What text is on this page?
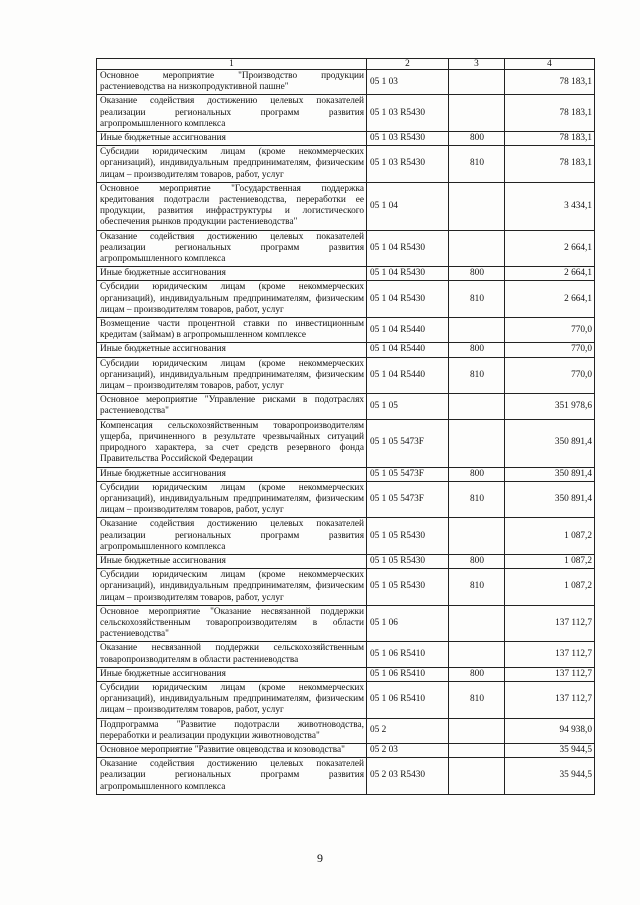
1	2	3	4
Основное мероприятие "Производство продукции растениеводства на низкопродуктивной пашне"	05 1 03		78 183,1
Оказание содействия достижению целевых показателей реализации региональных программ развития агропромышленного комплекса	05 1 03 R5430		78 183,1
Иные бюджетные ассигнования	05 1 03 R5430	800	78 183,1
Субсидии юридическим лицам (кроме некоммерческих организаций), индивидуальным предпринимателям, физическим лицам – производителям товаров, работ, услуг	05 1 03 R5430	810	78 183,1
Основное мероприятие "Государственная поддержка кредитования подотрасли растениеводства, переработки ее продукции, развития инфраструктуры и логистического обеспечения рынков продукции растениеводства"	05 1 04		3 434,1
Оказание содействия достижению целевых показателей реализации региональных программ развития агропромышленного комплекса	05 1 04 R5430		2 664,1
Иные бюджетные ассигнования	05 1 04 R5430	800	2 664,1
Субсидии юридическим лицам (кроме некоммерческих организаций), индивидуальным предпринимателям, физическим лицам – производителям товаров, работ, услуг	05 1 04 R5430	810	2 664,1
Возмещение части процентной ставки по инвестиционным кредитам (займам) в агропромышленном комплексе	05 1 04 R5440		770,0
Иные бюджетные ассигнования	05 1 04 R5440	800	770,0
Субсидии юридическим лицам (кроме некоммерческих организаций), индивидуальным предпринимателям, физическим лицам – производителям товаров, работ, услуг	05 1 04 R5440	810	770,0
Основное мероприятие "Управление рисками в подотраслях растениеводства"	05 1 05		351 978,6
Компенсация сельскохозяйственным товаропроизводителям ущерба, причиненного в результате чрезвычайных ситуаций природного характера, за счет средств резервного фонда Правительства Российской Федерации	05 1 05 5473F		350 891,4
Иные бюджетные ассигнования	05 1 05 5473F	800	350 891,4
Субсидии юридическим лицам (кроме некоммерческих организаций), индивидуальным предпринимателям, физическим лицам – производителям товаров, работ, услуг	05 1 05 5473F	810	350 891,4
Оказание содействия достижению целевых показателей реализации региональных программ развития агропромышленного комплекса	05 1 05 R5430		1 087,2
Иные бюджетные ассигнования	05 1 05 R5430	800	1 087,2
Субсидии юридическим лицам (кроме некоммерческих организаций), индивидуальным предпринимателям, физическим лицам – производителям товаров, работ, услуг	05 1 05 R5430	810	1 087,2
Основное мероприятие "Оказание несвязанной поддержки сельскохозяйственным товаропроизводителям в области растениеводства"	05 1 06		137 112,7
Оказание несвязанной поддержки сельскохозяйственным товаропроизводителям в области растениеводства	05 1 06 R5410		137 112,7
Иные бюджетные ассигнования	05 1 06 R5410	800	137 112,7
Субсидии юридическим лицам (кроме некоммерческих организаций), индивидуальным предпринимателям, физическим лицам – производителям товаров, работ, услуг	05 1 06 R5410	810	137 112,7
Подпрограмма "Развитие подотрасли животноводства, переработки и реализации продукции животноводства"	05 2		94 938,0
Основное мероприятие "Развитие овцеводства и козоводства"	05 2 03		35 944,5
Оказание содействия достижению целевых показателей реализации региональных программ развития агропромышленного комплекса	05 2 03 R5430		35 944,5
9
